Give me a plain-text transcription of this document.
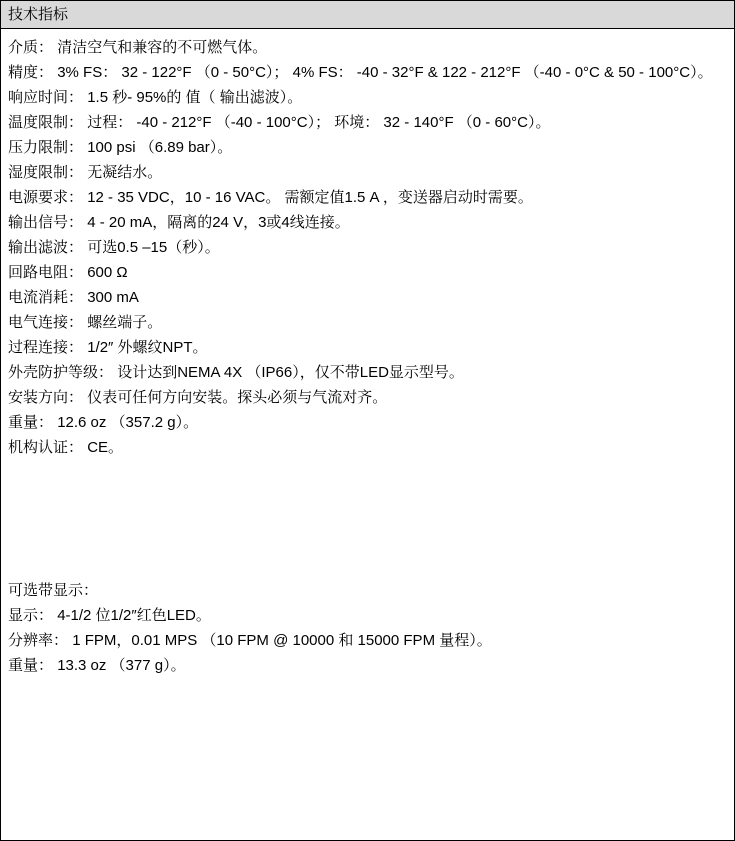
技术指标

介质： 清洁空气和兼容的不可燃气体。

精度： 3% FS： 32 - 122°F （0 - 50°C）； 4% FS： -40 - 32°F & 122 - 212°F （-40 - 0°C & 50 - 100°C）。

响应时间： 1.5 秒- 95%的 值（ 输出滤波）。

温度限制： 过程： -40 - 212°F （-40 - 100°C）； 环境： 32 - 140°F （0 - 60°C）。

压力限制： 100 psi （6.89 bar）。

湿度限制： 无凝结水。

电源要求： 12 - 35 VDC，10 - 16 VAC。 需额定值1.5 A ，变送器启动时需要。

输出信号： 4 - 20 mA，隔离的24 V，3或4线连接。

输出滤波： 可选0.5 –15（秒）。

回路电阻： 600 Ω

电流消耗： 300 mA

电气连接： 螺丝端子。

过程连接： 1/2″ 外螺纹NPT。

外壳防护等级： 设计达到NEMA 4X （IP66），仅不带LED显示型号。

安装方向： 仪表可任何方向安装。探头必须与气流对齐。

重量： 12.6 oz （357.2 g）。

机构认证： CE。

可选带显示：

显示： 4-1/2 位1/2″红色LED。

分辨率： 1 FPM，0.01 MPS （10 FPM @ 10000 和 15000 FPM 量程）。

重量： 13.3 oz （377 g）。
